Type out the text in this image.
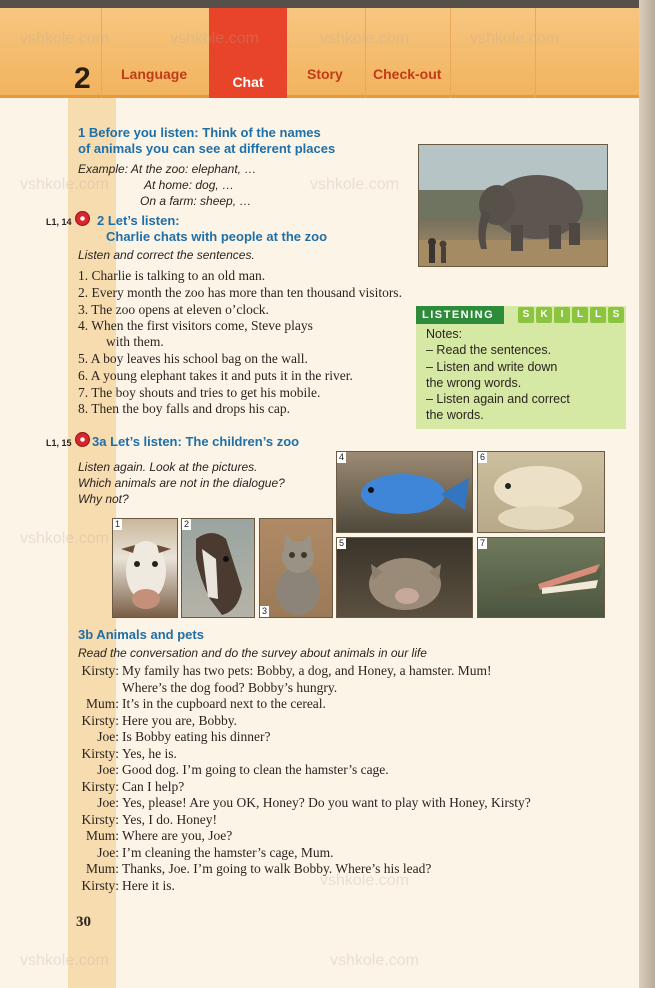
2 Language	Chat	Story Check-out
1 Before you listen: Think of the names
of animals you can see at different places
Example: At the zoo: elephant, …
At home: dog, …
On a farm: sheep, …
L1, 14 2 Let’s listen:
Charlie chats with people at the zoo
Listen and correct the sentences.
1. Charlie is talking to an old man.
2. Every month the zoo has more than ten thousand visitors.
3. The zoo opens at eleven o’clock.
4. When the first visitors come, Steve plays
with them.
5. A boy leaves his school bag on the wall.
6. A young elephant takes it and puts it in the river.
7. The boy shouts and tries to get his mobile.
8. Then the boy falls and drops his cap.
LISTENING	S	K	I	L	L	S
Notes:
– Read the sentences.
– Listen and write down
the wrong words.
– Listen again and correct
the words.
L1, 15 3a Let’s listen: The children’s zoo
Listen again. Look at the pictures.
Which animals are not in the dialogue?
Why not?
1	2
3
4	6
5	7
3b Animals and pets
Read the conversation and do the survey about animals in our life
Kirsty: My family has two pets: Bobby, a dog, and Honey, a hamster. Mum!
Where’s the dog food? Bobby’s hungry.
Mum: It’s in the cupboard next to the cereal.
Kirsty: Here you are, Bobby.
Joe: Is Bobby eating his dinner?
Kirsty: Yes, he is.
Joe: Good dog. I’m going to clean the hamster’s cage.
Kirsty: Can I help?
Joe: Yes, please! Are you OK, Honey? Do you want to play with Honey, Kirsty?
Kirsty: Yes, I do. Honey!
Mum: Where are you, Joe?
Joe: I’m cleaning the hamster’s cage, Mum.
Mum: Thanks, Joe. I’m going to walk Bobby. Where’s his lead?
Kirsty: Here it is.
30
vshkole.com	vshkole.com	vshkole.com	vshkole.com
vshkole.com	vshkole.com
vshkole.com
vshkole.com
vshkole.com	vshkole.com
